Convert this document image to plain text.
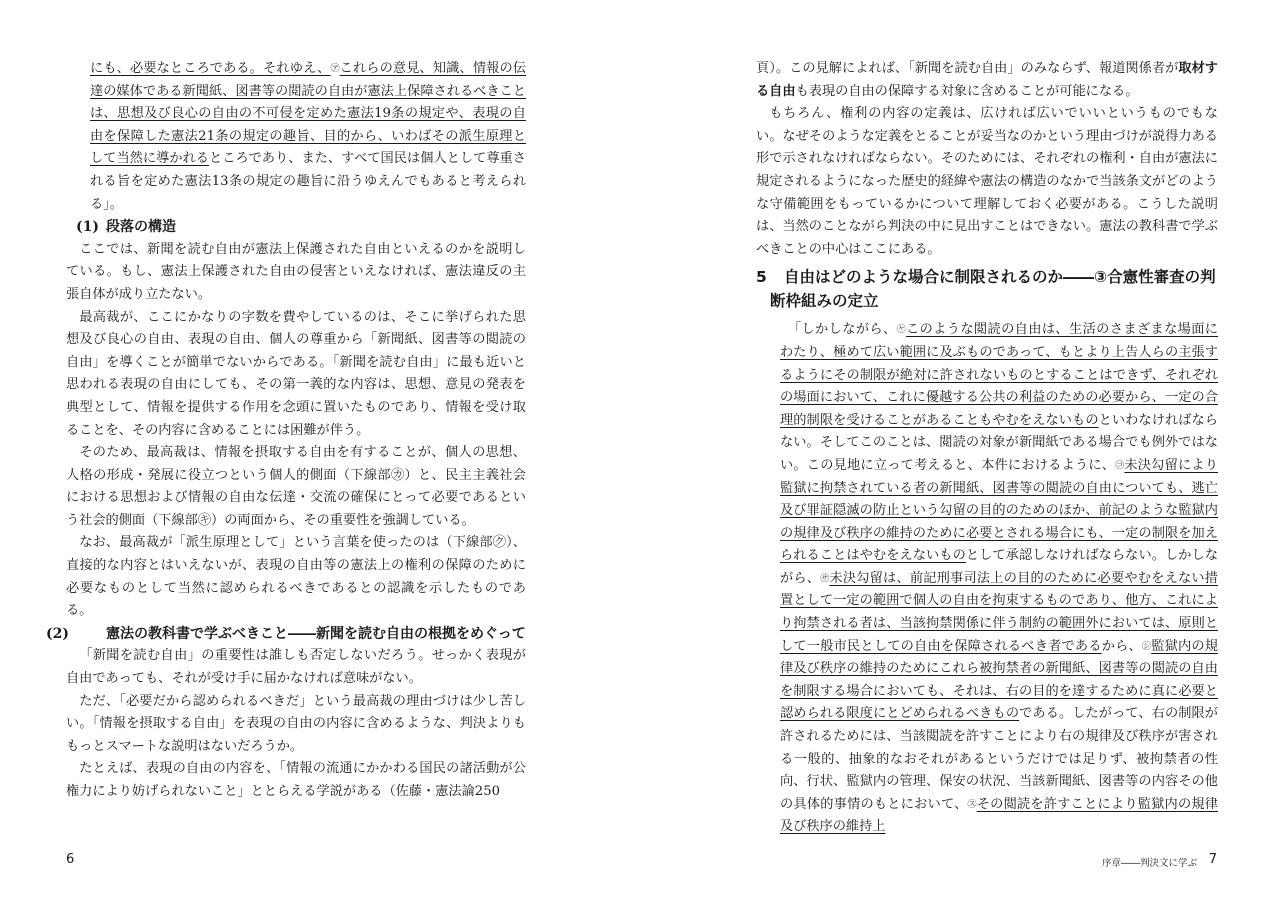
にも、必要なところである。それゆえ、㋐これらの意見、知識、情報の伝達の媒体である新聞紙、図書等の閲読の自由が憲法上保障されるべきことは、思想及び良心の自由の不可侵を定めた憲法19条の規定や、表現の自由を保障した憲法21条の規定の趣旨、目的から、いわばその派生原理として当然に導かれるところであり、また、すべて国民は個人として尊重される旨を定めた憲法13条の規定の趣旨に沿うゆえんでもあると考えられる」。

(1) 段落の構造

ここでは、新聞を読む自由が憲法上保護された自由といえるのかを説明している。もし、憲法上保護された自由の侵害といえなければ、憲法違反の主張自体が成り立たない。

最高裁が、ここにかなりの字数を費やしているのは、そこに挙げられた思想及び良心の自由、表現の自由、個人の尊重から「新聞紙、図書等の閲読の自由」を導くことが簡単でないからである。「新聞を読む自由」に最も近いと思われる表現の自由にしても、その第一義的な内容は、思想、意見の発表を典型として、情報を提供する作用を念頭に置いたものであり、情報を受け取ることを、その内容に含めることには困難が伴う。

そのため、最高裁は、情報を摂取する自由を有することが、個人の思想、人格の形成・発展に役立つという個人的側面（下線部㋕）と、民主主義社会における思想および情報の自由な伝達・交流の確保にとって必要であるという社会的側面（下線部㋖）の両面から、その重要性を強調している。

なお、最高裁が「派生原理として」という言葉を使ったのは（下線部㋗）、直接的な内容とはいえないが、表現の自由等の憲法上の権利の保障のために必要なものとして当然に認められるべきであるとの認識を示したものである。

(2)	憲法の教科書で学ぶべきこと――新聞を読む自由の根拠をめぐって

「新聞を読む自由」の重要性は誰しも否定しないだろう。せっかく表現が自由であっても、それが受け手に届かなければ意味がない。

ただ、「必要だから認められるべきだ」という最高裁の理由づけは少し苦しい。「情報を摂取する自由」を表現の自由の内容に含めるような、判決よりももっとスマートな説明はないだろうか。

たとえば、表現の自由の内容を、「情報の流通にかかわる国民の諸活動が公権力により妨げられないこと」ととらえる学説がある（佐藤・憲法論250

6

頁）。この見解によれば、「新聞を読む自由」のみならず、報道関係者が取材する自由も表現の自由の保障する対象に含めることが可能になる。

もちろん、権利の内容の定義は、広ければ広いでいいというものでもない。なぜそのような定義をとることが妥当なのかという理由づけが説得力ある形で示されなければならない。そのためには、それぞれの権利・自由が憲法に規定されるようになった歴史的経緯や憲法の構造のなかで当該条文がどのような守備範囲をもっているかについて理解しておく必要がある。こうした説明は、当然のことながら判決の中に見出すことはできない。憲法の教科書で学ぶべきことの中心はここにある。

5 自由はどのような場合に制限されるのか――③合憲性審査の判断枠組みの定立

「しかしながら、㋘このような閲読の自由は、生活のさまざまな場面にわたり、極めて広い範囲に及ぶものであって、もとより上告人らの主張するようにその制限が絶対に許されないものとすることはできず、それぞれの場面において、これに優越する公共の利益のための必要から、一定の合理的制限を受けることがあることもやむをえないものといわなければならない。そしてこのことは、閲読の対象が新聞紙である場合でも例外ではない。この見地に立って考えると、本件におけるように、㋙未決勾留により監獄に拘禁されている者の新聞紙、図書等の閲読の自由についても、逃亡及び罪証隠滅の防止という勾留の目的のためのほか、前記のような監獄内の規律及び秩序の維持のために必要とされる場合にも、一定の制限を加えられることはやむをえないものとして承認しなければならない。しかしながら、㋚未決勾留は、前記刑事司法上の目的のために必要やむをえない措置として一定の範囲で個人の自由を拘束するものであり、他方、これにより拘禁される者は、当該拘禁関係に伴う制約の範囲外においては、原則として一般市民としての自由を保障されるべき者であるから、㋛監獄内の規律及び秩序の維持のためにこれら被拘禁者の新聞紙、図書等の閲読の自由を制限する場合においても、それは、右の目的を達するために真に必要と認められる限度にとどめられるべきものである。したがって、右の制限が許されるためには、当該閲読を許すことにより右の規律及び秩序が害される一般的、抽象的なおそれがあるというだけでは足りず、被拘禁者の性向、行状、監獄内の管理、保安の状況、当該新聞紙、図書等の内容その他の具体的事情のもとにおいて、㋜その閲読を許すことにより監獄内の規律及び秩序の維持上

序章――判決文に学ぶ 7
